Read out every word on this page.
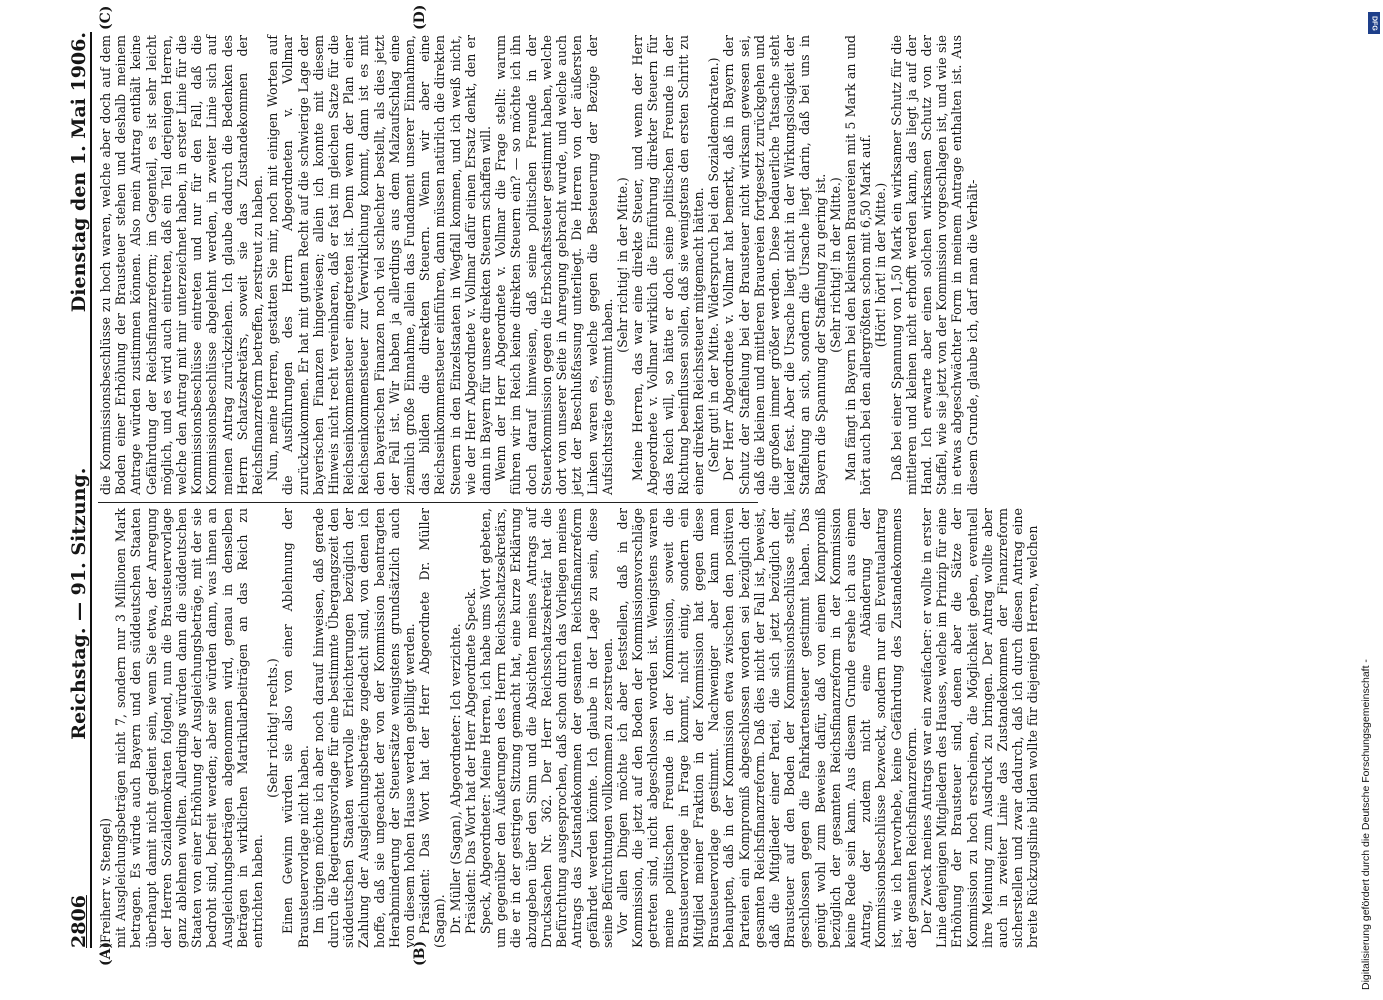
2806
Reichstag. — 91. Sitzung.
Dienstag den 1. Mai 1906.
(A)	(B)
(C)	(D)

(Freiherr v. Stengel) mit Ausgleichungsbeträgen nicht 7, sondern nur 3 Millionen Mark betragen. Es würde auch Bayern und den süddeutschen Staaten überhaupt damit nicht gedient sein, wenn Sie etwa, der Anregung der Herren Sozialdemokraten folgend, nun die Brausteuervorlage ganz ablehnen wollten. Allerdings würden dann die süddeutschen Staaten von einer Erhöhung der Ausgleichungsbeträge, mit der sie bedroht sind, befreit werden; aber sie würden dann, was ihnen an Ausgleichungsbeträgen abgenommen wird, genau in denselben Beträgen in wirklichen Matrikularbeiträgen an das Reich zu entrichten haben.

(Sehr richtig! rechts.) Einen Gewinn würden sie also von einer Ablehnung der Brausteuervorlage nicht haben. Im übrigen möchte ich aber noch darauf hinweisen, daß gerade durch die Regierungsvorlage für eine bestimmte Übergangszeit den süddeutschen Staaten wertvolle Erleichterungen bezüglich der Zahlung der Ausgleichungsbeträge zugedacht sind, von denen ich hoffe, daß sie ungeachtet der von der Kommission beantragten Herabminderung der Steuersätze wenigstens grundsätzlich auch von diesem hohen Hause werden gebilligt werden. Präsident: Das Wort hat der Herr Abgeordnete Dr. Müller (Sagan). Dr. Müller (Sagan), Abgeordneter: Ich verzichte. Präsident: Das Wort hat der Herr Abgeordnete Speck. Speck, Abgeordneter: Meine Herren, ich habe ums Wort gebeten, um gegenüber den Äußerungen des Herrn Reichsschatzsekretärs, die er in der gestrigen Sitzung gemacht hat, eine kurze Erklärung abzugeben über den Sinn und die Absichten meines Antrags auf Drucksachen Nr. 362. Der Herr Reichsschatzsekretär hat die Befürchtung ausgesprochen, daß schon durch das Vorliegen meines Antrags das Zustandekommen der gesamten Reichsfinanzreform gefährdet werden könnte. Ich glaube in der Lage zu sein, diese seine Befürchtungen vollkommen zu zerstreuen. Vor allen Dingen möchte ich aber feststellen, daß in der Kommission, die jetzt auf den Boden der Kommissionsvorschläge getreten sind, nicht abgeschlossen worden ist. Wenigstens waren meine politischen Freunde in der Kommission, soweit die Brausteuervorlage in Frage kommt, nicht einig, sondern ein Mitglied meiner Fraktion in der Kommission hat gegen diese Brausteuervorlage gestimmt. Nachweniger aber kann man behaupten, daß in der Kommission etwa zwischen den positiven Parteien ein Kompromiß abgeschlossen worden sei bezüglich der gesamten Reichsfinanzreform. Daß dies nicht der Fall ist, beweist, daß die Mitglieder einer Partei, die sich jetzt bezüglich der Brausteuer auf den Boden der Kommissionsbeschlüsse stellt, geschlossen gegen die Fahrkartensteuer gestimmt haben. Das genügt wohl zum Beweise dafür, daß von einem Kompromiß bezüglich der gesamten Reichsfinanzreform in der Kommission keine Rede sein kann. Aus diesem Grunde ersehe ich aus einem Antrag, der zudem nicht eine Abänderung der Kommissionsbeschlüsse bezweckt, sondern nur ein Eventualantrag ist, wie ich hervorhebe, keine Gefährdung des Zustandekommens der gesamten Reichsfinanzreform. Der Zweck meines Antrags war ein zweifacher: er wollte in erster Linie denjenigen Mitgliedern des Hauses, welche im Prinzip für eine Erhöhung der Brausteuer sind, denen aber die Sätze der Kommission zu hoch erscheinen, die Möglichkeit geben, eventuell ihre Meinung zum Ausdruck zu bringen. Der Antrag wollte aber auch in zweiter Linie das Zustandekommen der Finanzreform sicherstellen und zwar dadurch, daß ich durch diesen Antrag eine breite Rückzugslinie bilden wollte für diejenigen Herren, welchen

die Kommissionsbeschlüsse zu hoch waren, welche aber doch auf dem Boden einer Erhöhung der Brausteuer stehen und deshalb meinem Antrage würden zustimmen können. Also mein Antrag enthält keine Gefährdung der Reichsfinanzreform; im Gegenteil, es ist sehr leicht möglich, und es wird auch eintreten, daß ein Teil derjenigen Herren, welche den Antrag mit mir unterzeichnet haben, in erster Linie für die Kommissionsbeschlüsse eintreten und nur für den Fall, daß die Kommissionsbeschlüsse abgelehnt werden, in zweiter Linie sich auf meinen Antrag zurückziehen. Ich glaube dadurch die Bedenken des Herrn Schatzsekretärs, soweit sie das Zustandekommen der Reichsfinanzreform betreffen, zerstreut zu haben. Nun, meine Herren, gestatten Sie mir, noch mit einigen Worten auf die Ausführungen des Herrn Abgeordneten v. Vollmar zurückzukommen. Er hat mit gutem Recht auf die schwierige Lage der bayerischen Finanzen hingewiesen; allein ich konnte mit diesem Hinweis nicht recht vereinbaren, daß er fast im gleichen Satze für die Reichseinkommensteuer eingetreten ist. Denn wenn der Plan einer Reichseinkommensteuer zur Verwirklichung kommt, dann ist es mit den bayerischen Finanzen noch viel schlechter bestellt, als dies jetzt der Fall ist. Wir haben ja allerdings aus dem Malzaufschlag eine ziemlich große Einnahme, allein das Fundament unserer Einnahmen, das bilden die direkten Steuern. Wenn wir aber eine Reichseinkommensteuer einführen, dann müssen natürlich die direkten Steuern in den Einzelstaaten in Wegfall kommen, und ich weiß nicht, wie der Herr Abgeordnete v. Vollmar dafür einen Ersatz denkt, den er dann in Bayern für unsere direkten Steuern schaffen will. Wenn der Herr Abgeordnete v. Vollmar die Frage stellt: warum führen wir im Reich keine direkten Steuern ein? — so möchte ich ihn doch darauf hinweisen, daß seine politischen Freunde in der Steuerkommission gegen die Erbschaftssteuer gestimmt haben, welche dort von unserer Seite in Anregung gebracht wurde, und welche auch jetzt der Beschlußfassung unterliegt. Die Herren von der äußersten Linken waren es, welche gegen die Besteuerung der Bezüge der Aufsichtsräte gestimmt haben.

(Sehr richtig! in der Mitte.) Meine Herren, das war eine direkte Steuer, und wenn der Herr Abgeordnete v. Vollmar wirklich die Einführung direkter Steuern für das Reich will, so hätte er doch seine politischen Freunde in der Richtung beeinflussen sollen, daß sie wenigstens den ersten Schritt zu einer direkten Reichssteuer mitgemacht hätten. (Sehr gut! in der Mitte. Widerspruch bei den Sozialdemokraten.) Der Herr Abgeordnete v. Vollmar hat bemerkt, daß in Bayern der Schutz der Staffelung bei der Brausteuer nicht wirksam gewesen sei, daß die kleinen und mittleren Brauereien fortgesetzt zurückgehen und die großen immer größer werden. Diese bedauerliche Tatsache steht leider fest. Aber die Ursache liegt nicht in der Wirkungslosigkeit der Staffelung an sich, sondern die Ursache liegt darin, daß bei uns in Bayern die Spannung der Staffelung zu gering ist. (Sehr richtig! in der Mitte.) Man fängt in Bayern bei den kleinsten Brauereien mit 5 Mark an und hört auch bei den allergrößten schon mit 6,50 Mark auf. (Hört! hört! in der Mitte.) Daß bei einer Spannung von 1,50 Mark ein wirksamer Schutz für die mittleren und kleinen nicht erhofft werden kann, das liegt ja auf der Hand. Ich erwarte aber einen solchen wirksamen Schutz von der Staffel, wie sie jetzt von der Kommission vorgeschlagen ist, und wie sie in etwas abgeschwächter Form in meinem Antrage enthalten ist. Aus diesem Grunde, glaube ich, darf man die Verhält-

Digitalisierung gefördert durch die Deutsche Forschungsgemeinschaft -
DFG
